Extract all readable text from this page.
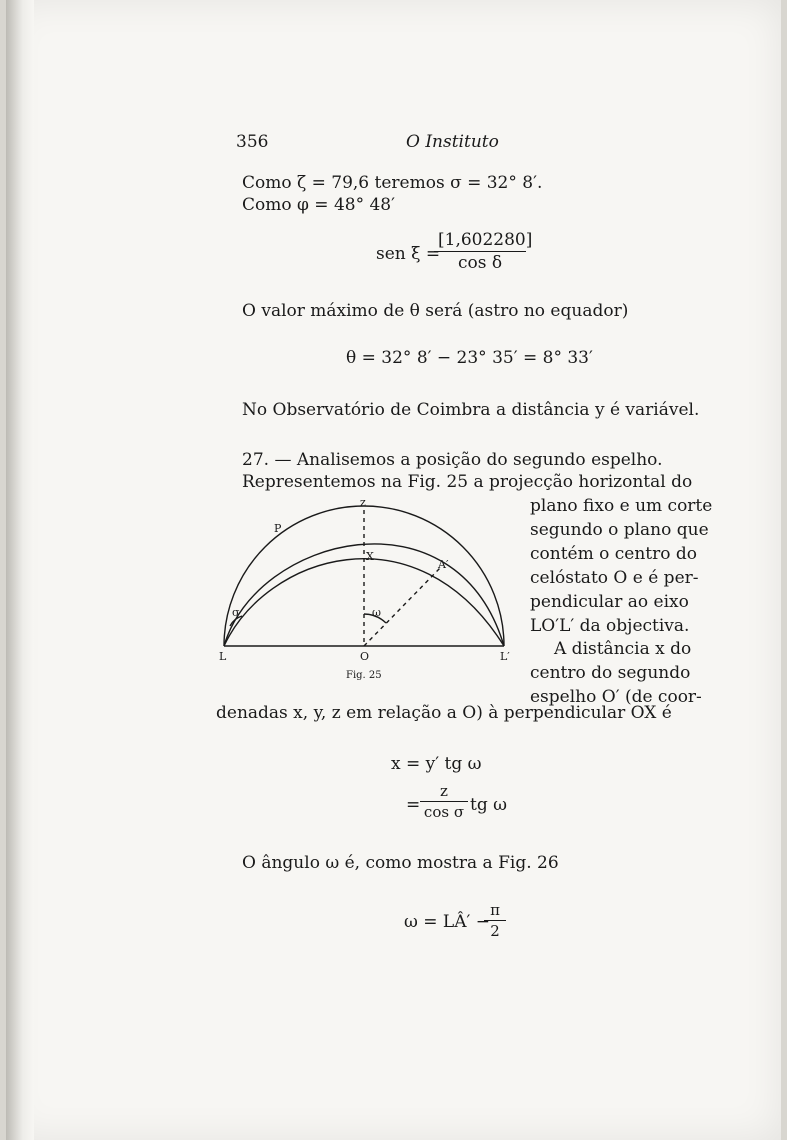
356	O Instituto
Como ζ = 79,6 teremos σ = 32° 8′.
Como φ = 48° 48′
sen ξ =
$\frac{[1,602280]}{\text{cos δ}}$
O valor máximo de θ será (astro no equador)
θ = 32° 8′ − 23° 35′ = 8° 33′
No Observatório de Coimbra a distância y é variável.
27. — Analisemos a posição do segundo espelho.
Representemos na Fig. 25 a projecção horizontal do
z
P
X
A′
σ	ω
L	O	L′
Fig. 25
plano fixo e um corte
segundo o plano que
contém o centro do
celóstato O e é per-
pendicular ao eixo
LO′L′ da objectiva.
A distância x do
centro do segundo
espelho O′ (de coor-
denadas x, y, z em relação a O) à perpendicular OX é
x = y′ tg ω
= $\frac{z}{\text{cos σ}}$ tg ω
O ângulo ω é, como mostra a Fig. 26
ω = LÂ′ −
$\frac{\pi}{2}$
